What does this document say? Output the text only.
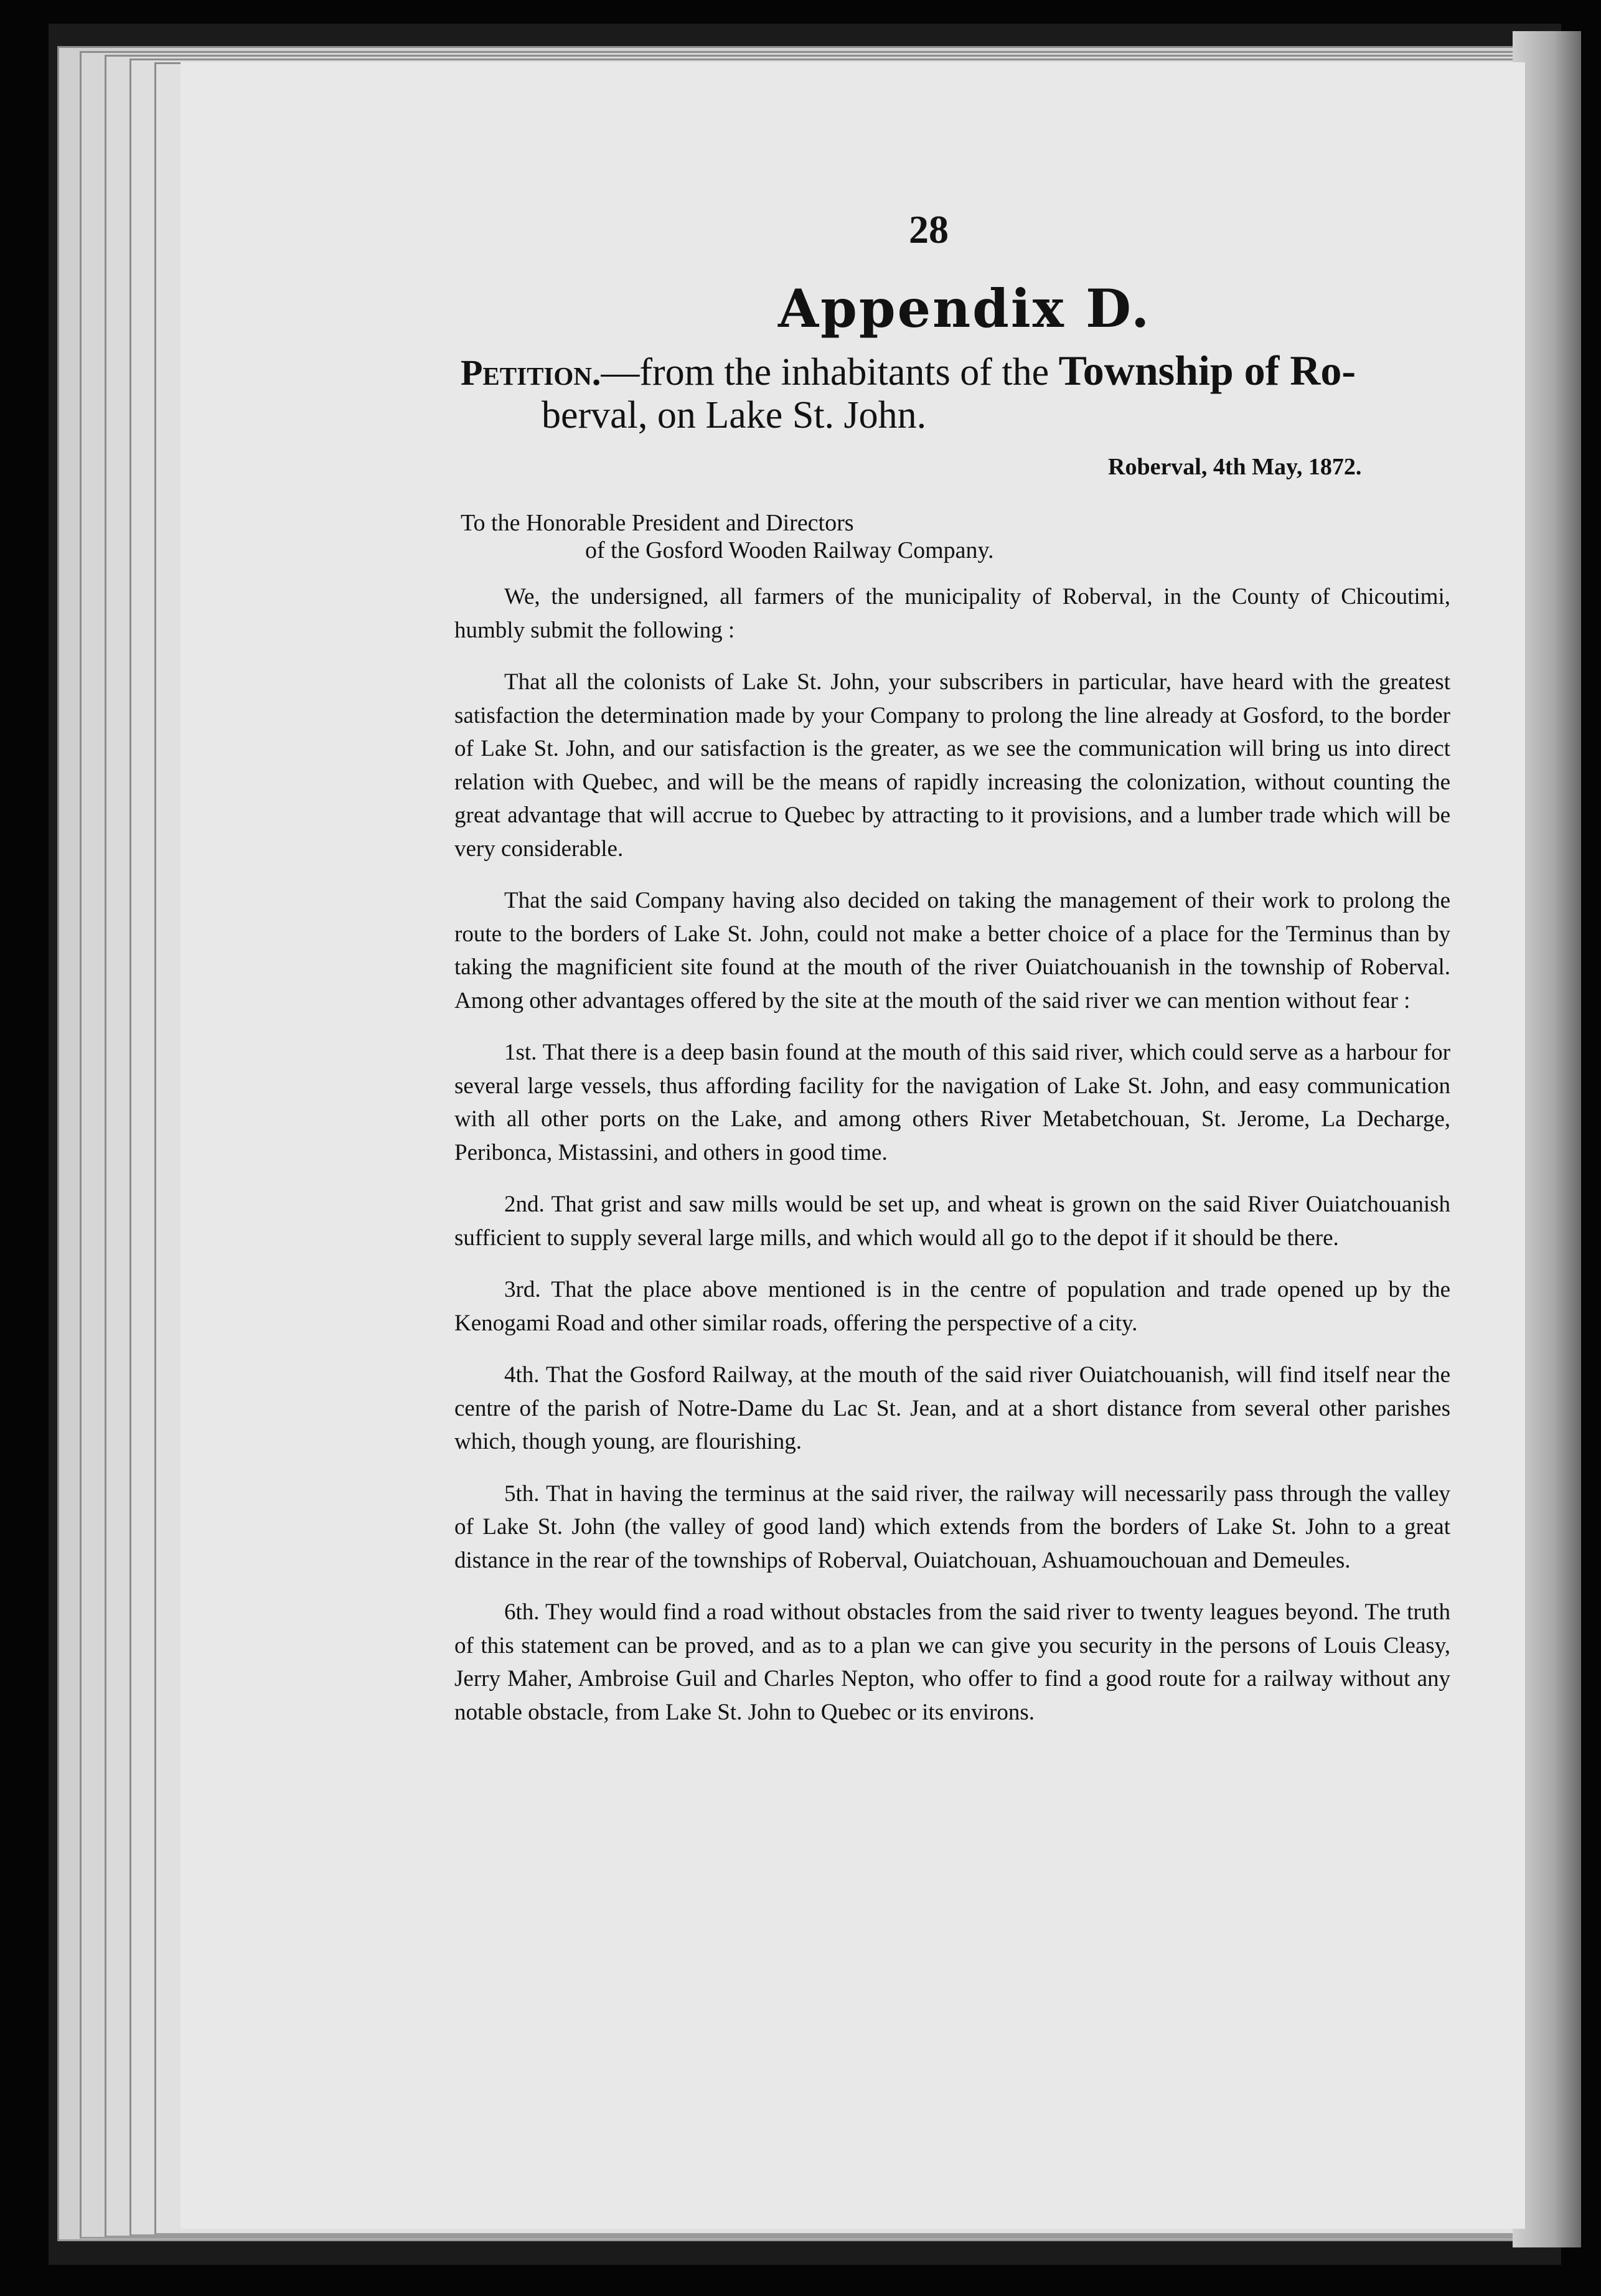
28
Appendix D.
Petition.—from the inhabitants of the Township of Ro-
berval, on Lake St. John.
Roberval, 4th May, 1872.
To the Honorable President and Directors
of the Gosford Wooden Railway Company.

We, the undersigned, all farmers of the municipality of Roberval, in the County of Chicoutimi, humbly submit the following :

That all the colonists of Lake St. John, your subscribers in particular, have heard with the greatest satisfaction the determination made by your Company to prolong the line already at Gosford, to the border of Lake St. John, and our satisfaction is the greater, as we see the communication will bring us into direct relation with Quebec, and will be the means of rapidly increasing the colonization, without counting the great advantage that will accrue to Quebec by attracting to it provisions, and a lumber trade which will be very considerable.

That the said Company having also decided on taking the management of their work to prolong the route to the borders of Lake St. John, could not make a better choice of a place for the Terminus than by taking the magnificient site found at the mouth of the river Ouiatchouanish in the township of Roberval. Among other advantages offered by the site at the mouth of the said river we can mention without fear :

1st. That there is a deep basin found at the mouth of this said river, which could serve as a harbour for several large vessels, thus affording facility for the navigation of Lake St. John, and easy communication with all other ports on the Lake, and among others River Metabetchouan, St. Jerome, La Decharge, Peribonca, Mistassini, and others in good time.

2nd. That grist and saw mills would be set up, and wheat is grown on the said River Ouiatchouanish sufficient to supply several large mills, and which would all go to the depot if it should be there.

3rd. That the place above mentioned is in the centre of population and trade opened up by the Kenogami Road and other similar roads, offering the perspective of a city.

4th. That the Gosford Railway, at the mouth of the said river Ouiatchouanish, will find itself near the centre of the parish of Notre-Dame du Lac St. Jean, and at a short distance from several other parishes which, though young, are flourishing.

5th. That in having the terminus at the said river, the railway will necessarily pass through the valley of Lake St. John (the valley of good land) which extends from the borders of Lake St. John to a great distance in the rear of the townships of Roberval, Ouiatchouan, Ashuamouchouan and Demeules.

6th. They would find a road without obstacles from the said river to twenty leagues beyond. The truth of this statement can be proved, and as to a plan we can give you security in the persons of Louis Cleasy, Jerry Maher, Ambroise Guil and Charles Nepton, who offer to find a good route for a railway without any notable obstacle, from Lake St. John to Quebec or its environs.
